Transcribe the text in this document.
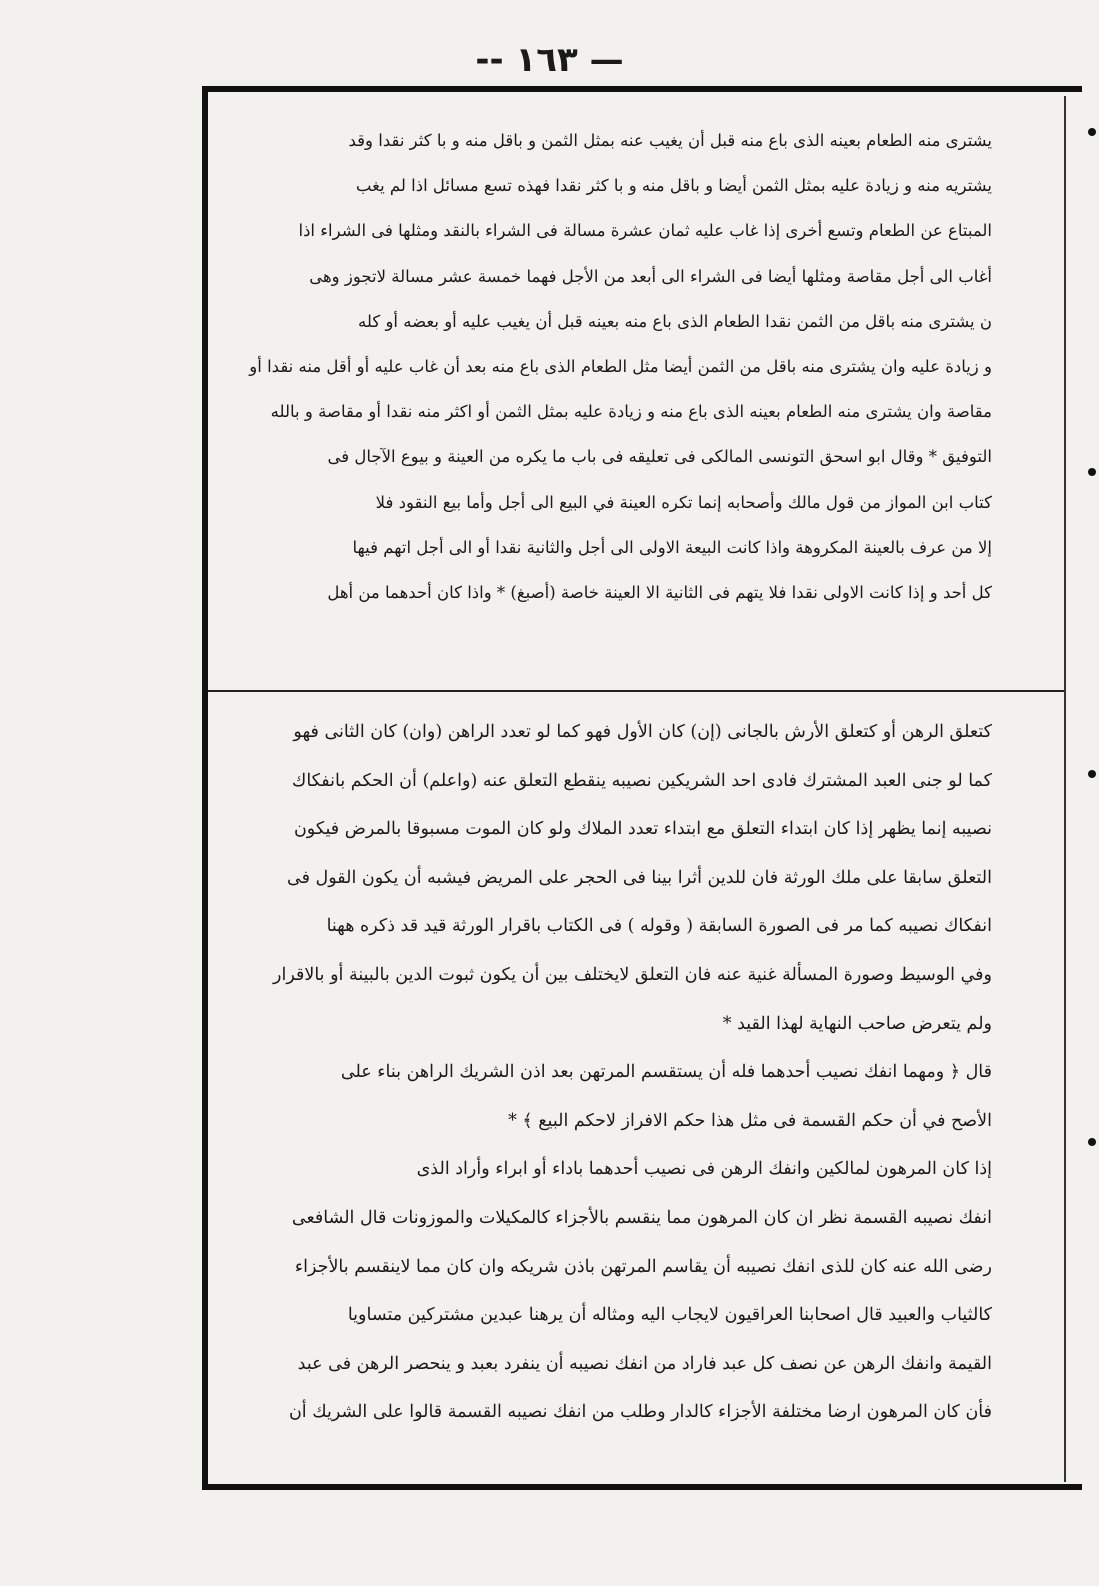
— ١٦٣ --
يشترى منه الطعام بعينه الذى باع منه قبل أن يغيب عنه بمثل الثمن و باقل منه و با كثر نقدا وقد
يشتريه منه و زيادة عليه بمثل الثمن أيضا و باقل منه و با كثر نقدا فهذه تسع مسائل اذا لم يغب
المبتاع عن الطعام وتسع أخرى إذا غاب عليه ثمان عشرة مسالة فى الشراء بالنقد ومثلها فى الشراء اذا
أغاب الى أجل مقاصة ومثلها أيضا فى الشراء الى أبعد من الأجل فهما خمسة عشر مسالة لاتجوز وهى
ن يشترى منه باقل من الثمن نقدا الطعام الذى باع منه بعينه قبل أن يغيب عليه أو بعضه أو كله
و زيادة عليه وان يشترى منه باقل من الثمن أيضا مثل الطعام الذى باع منه بعد أن غاب عليه أو أقل منه نقدا أو
مقاصة وان يشترى منه الطعام بعينه الذى باع منه و زيادة عليه بمثل الثمن أو اكثر منه نقدا أو مقاصة و بالله
التوفيق * وقال ابو اسحق التونسى المالكى فى تعليقه فى باب ما يكره من العينة و بيوع الآجال فى
كتاب ابن المواز من قول مالك وأصحابه إنما تكره العينة في البيع الى أجل وأما بيع النقود فلا
إلا من عرف بالعينة المكروهة واذا كانت البيعة الاولى الى أجل والثانية نقدا أو الى أجل اتهم فيها
كل أحد و إذا كانت الاولى نقدا فلا يتهم فى الثانية الا العينة خاصة (أصبغ) * واذا كان أحدهما من أهل
كتعلق الرهن أو كتعلق الأرش بالجانى (إن) كان الأول فهو كما لو تعدد الراهن (وان) كان الثانى فهو
كما لو جنى العبد المشترك فادى احد الشريكين نصيبه ينقطع التعلق عنه (واعلم) أن الحكم بانفكاك
نصيبه إنما يظهر إذا كان ابتداء التعلق مع ابتداء تعدد الملاك ولو كان الموت مسبوقا بالمرض فيكون
التعلق سابقا على ملك الورثة فان للدين أثرا بينا فى الحجر على المريض فيشبه أن يكون القول فى
انفكاك نصيبه كما مر فى الصورة السابقة ( وقوله ) فى الكتاب باقرار الورثة قيد قد ذكره ههنا
وفي الوسيط وصورة المسألة غنية عنه فان التعلق لايختلف بين أن يكون ثبوت الدين بالبينة أو بالاقرار
ولم يتعرض صاحب النهاية لهذا القيد *
قال ﴿ ومهما انفك نصيب أحدهما فله أن يستقسم المرتهن بعد اذن الشريك الراهن بناء على
الأصح في أن حكم القسمة فى مثل هذا حكم الافراز لاحكم البيع ﴾ *
إذا كان المرهون لمالكين وانفك الرهن فى نصيب أحدهما باداء أو ابراء وأراد الذى
انفك نصيبه القسمة نظر ان كان المرهون مما ينقسم بالأجزاء كالمكيلات والموزونات قال الشافعى
رضى الله عنه كان للذى انفك نصيبه أن يقاسم المرتهن باذن شريكه وان كان مما لاينقسم بالأجزاء
كالثياب والعبيد قال اصحابنا العراقيون لايجاب اليه ومثاله أن يرهنا عبدين مشتركين متساويا
القيمة وانفك الرهن عن نصف كل عبد فاراد من انفك نصيبه أن ينفرد بعبد و ينحصر الرهن فى عبد
فأن كان المرهون ارضا مختلفة الأجزاء كالدار وطلب من انفك نصيبه القسمة قالوا على الشريك أن
